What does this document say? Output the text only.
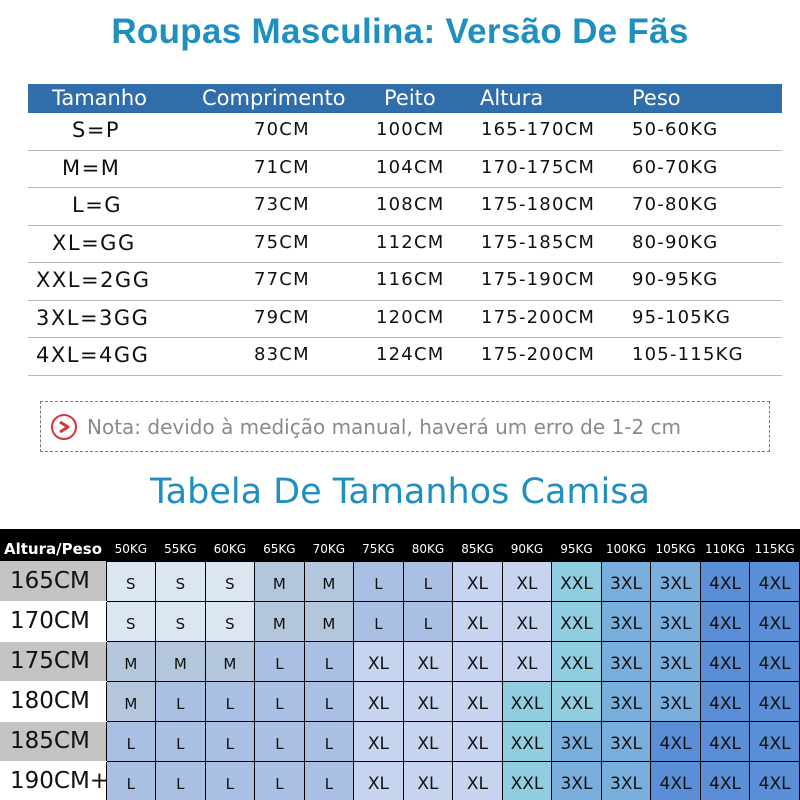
Roupas Masculina: Versão De Fãs
Tamanho	Comprimento Peito Altura	Peso
S=P	70CM	100CM 165-170CM 50-60KG
M=M	71CM	104CM 170-175CM 60-70KG
L=G	73CM	108CM 175-180CM 70-80KG
XL=GG	75CM	112CM 175-185CM 80-90KG
XXL=2GG	77CM	116CM 175-190CM 90-95KG
3XL=3GG	79CM	120CM 175-200CM 95-105KG
4XL=4GG	83CM	124CM 175-200CM 105-115KG
Nota: devido à medição manual, haverá um erro de 1-2 cm
Tabela De Tamanhos Camisa
Altura/Peso	50KG	55KG	60KG	65KG	70KG	75KG	80KG	85KG	90KG	95KG	100KG	105KG	110KG	115KG
165CM	S	S	S	M	M	L	L	XL	XL	XXL	3XL	3XL	4XL	4XL
170CM	S	S	S	M	M	L	L	XL	XL	XXL	3XL	3XL	4XL	4XL
175CM	M	M	M	L	L	XL	XL	XL	XL	XXL	3XL	3XL	4XL	4XL
180CM	M	L	L	L	L	XL	XL	XL	XXL	XXL	3XL	3XL	4XL	4XL
185CM	L	L	L	L	L	XL	XL	XL	XXL	3XL	3XL	4XL	4XL	4XL
190CM+	L	L	L	L	L	XL	XL	XL	XXL	3XL	3XL	4XL	4XL	4XL
